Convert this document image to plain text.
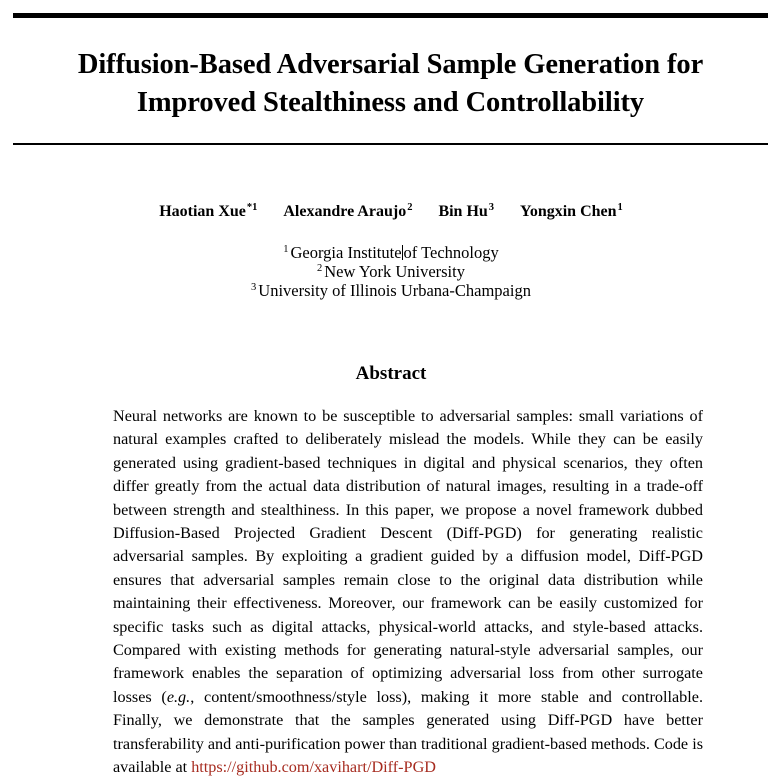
Diffusion-Based Adversarial Sample Generation for
Improved Stealthiness and Controllability
Haotian Xue$^{*1}$ Alexandre Araujo$^2$ Bin Hu$^3$ Yongxin Chen$^1$
$^1$ Georgia Institute of Technology
$^2$ New York University
$^3$ University of Illinois Urbana-Champaign
Abstract
Neural networks are known to be susceptible to adversarial samples: small variations of natural examples crafted to deliberately mislead the models. While they can be easily generated using gradient-based techniques in digital and physical scenarios, they often differ greatly from the actual data distribution of natural images, resulting in a trade-off between strength and stealthiness. In this paper, we propose a novel framework dubbed Diffusion-Based Projected Gradient Descent (Diff-PGD) for generating realistic adversarial samples. By exploiting a gradient guided by a diffusion model, Diff-PGD ensures that adversarial samples remain close to the original data distribution while maintaining their effectiveness. Moreover, our framework can be easily customized for specific tasks such as digital attacks, physical-world attacks, and style-based attacks. Compared with existing methods for generating natural-style adversarial samples, our framework enables the separation of optimizing adversarial loss from other surrogate losses (e.g., content/smoothness/style loss), making it more stable and controllable. Finally, we demonstrate that the samples generated using Diff-PGD have better transferability and anti-purification power than traditional gradient-based methods. Code is available at https://github.com/xavihart/Diff-PGD
